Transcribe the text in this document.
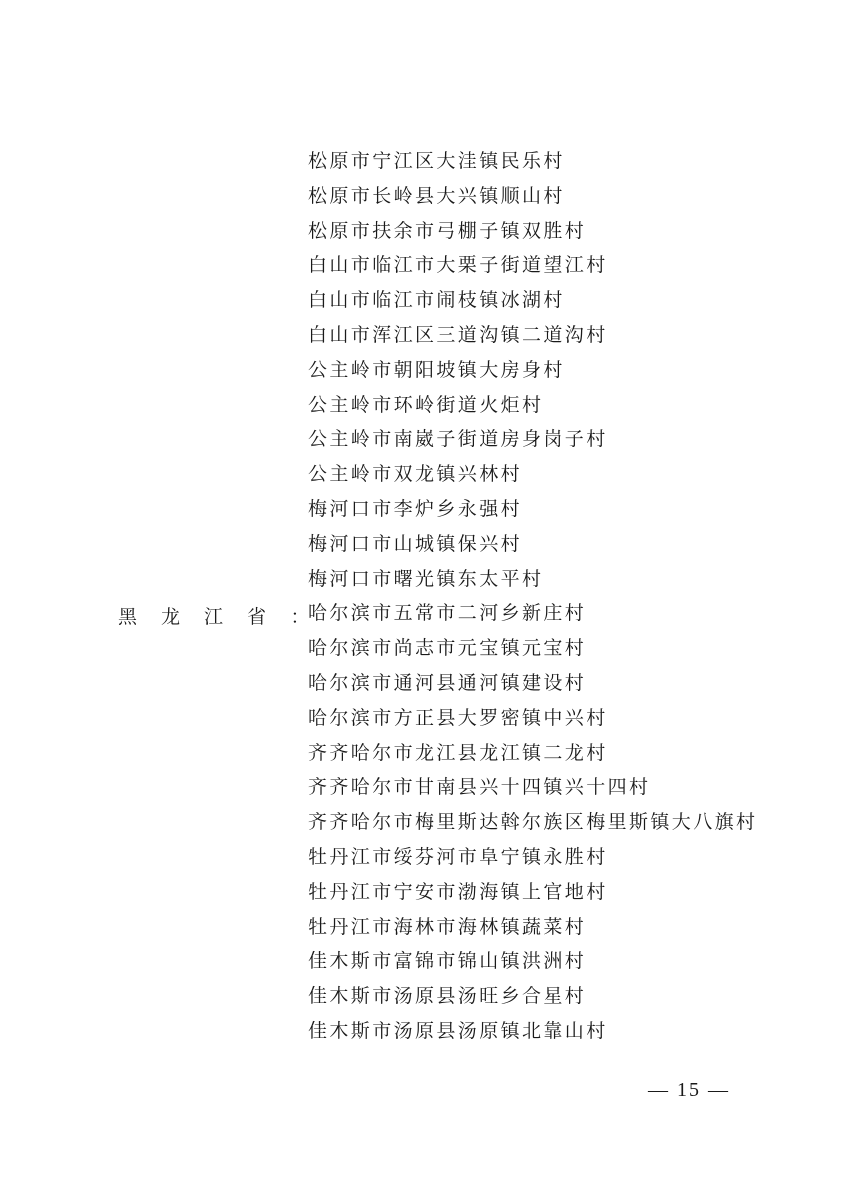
黑 龙 江 省 ：
松原市宁江区大洼镇民乐村
松原市长岭县大兴镇顺山村
松原市扶余市弓棚子镇双胜村
白山市临江市大栗子街道望江村
白山市临江市闹枝镇冰湖村
白山市浑江区三道沟镇二道沟村
公主岭市朝阳坡镇大房身村
公主岭市环岭街道火炬村
公主岭市南崴子街道房身岗子村
公主岭市双龙镇兴林村
梅河口市李炉乡永强村
梅河口市山城镇保兴村
梅河口市曙光镇东太平村
哈尔滨市五常市二河乡新庄村
哈尔滨市尚志市元宝镇元宝村
哈尔滨市通河县通河镇建设村
哈尔滨市方正县大罗密镇中兴村
齐齐哈尔市龙江县龙江镇二龙村
齐齐哈尔市甘南县兴十四镇兴十四村
齐齐哈尔市梅里斯达斡尔族区梅里斯镇大八旗村
牡丹江市绥芬河市阜宁镇永胜村
牡丹江市宁安市渤海镇上官地村
牡丹江市海林市海林镇蔬菜村
佳木斯市富锦市锦山镇洪洲村
佳木斯市汤原县汤旺乡合星村
佳木斯市汤原县汤原镇北靠山村
— 15 —
